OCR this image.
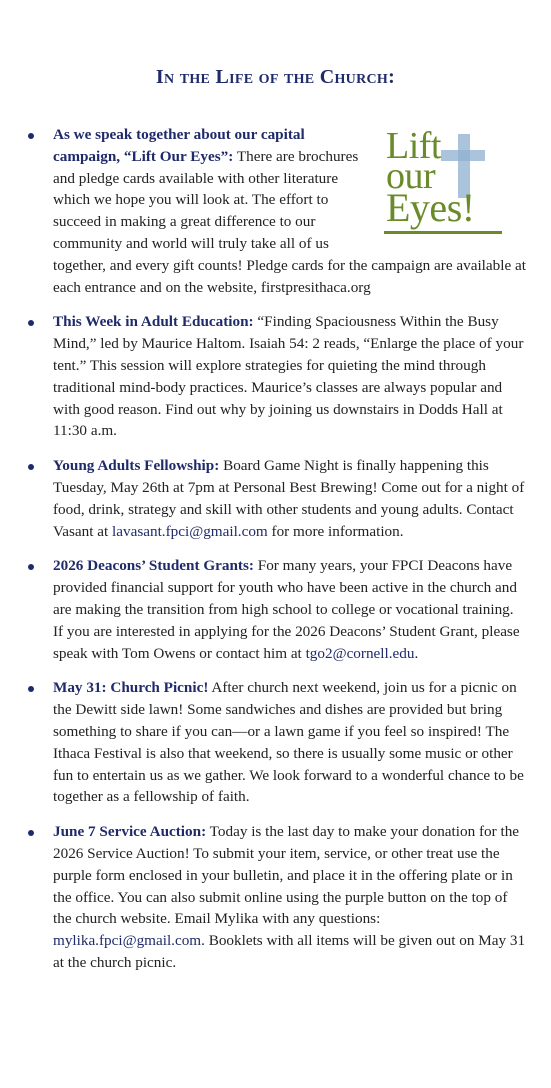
In the Life of the Church:
Lift
our
Eyes!
As we speak together about our capital campaign, “Lift Our Eyes”: There are brochures and pledge cards available with other literature which we hope you will look at. The effort to succeed in making a great difference to our community and world will truly take all of us together, and every gift counts! Pledge cards for the campaign are available at each entrance and on the website, firstpresithaca.org
This Week in Adult Education: “Finding Spaciousness Within the Busy Mind,” led by Maurice Haltom. Isaiah 54: 2 reads, “Enlarge the place of your tent.” This session will explore strategies for quieting the mind through traditional mind-body practices. Maurice’s classes are always popular and with good reason. Find out why by joining us downstairs in Dodds Hall at 11:30 a.m.
Young Adults Fellowship: Board Game Night is finally happening this Tuesday, May 26th at 7pm at Personal Best Brewing! Come out for a night of food, drink, strategy and skill with other students and young adults. Contact Vasant at lavasant.fpci@gmail.com for more information.
2026 Deacons’ Student Grants: For many years, your FPCI Deacons have provided financial support for youth who have been active in the church and are making the transition from high school to college or vocational training. If you are interested in applying for the 2026 Deacons’ Student Grant, please speak with Tom Owens or contact him at tgo2@cornell.edu.
May 31: Church Picnic! After church next weekend, join us for a picnic on the Dewitt side lawn! Some sandwiches and dishes are provided but bring something to share if you can—or a lawn game if you feel so inspired! The Ithaca Festival is also that weekend, so there is usually some music or other fun to entertain us as we gather. We look forward to a wonderful chance to be together as a fellowship of faith.
June 7 Service Auction: Today is the last day to make your donation for the 2026 Service Auction! To submit your item, service, or other treat use the purple form enclosed in your bulletin, and place it in the offering plate or in the office. You can also submit online using the purple button on the top of the church website. Email Mylika with any questions: mylika.fpci@gmail.com. Booklets with all items will be given out on May 31 at the church picnic.
